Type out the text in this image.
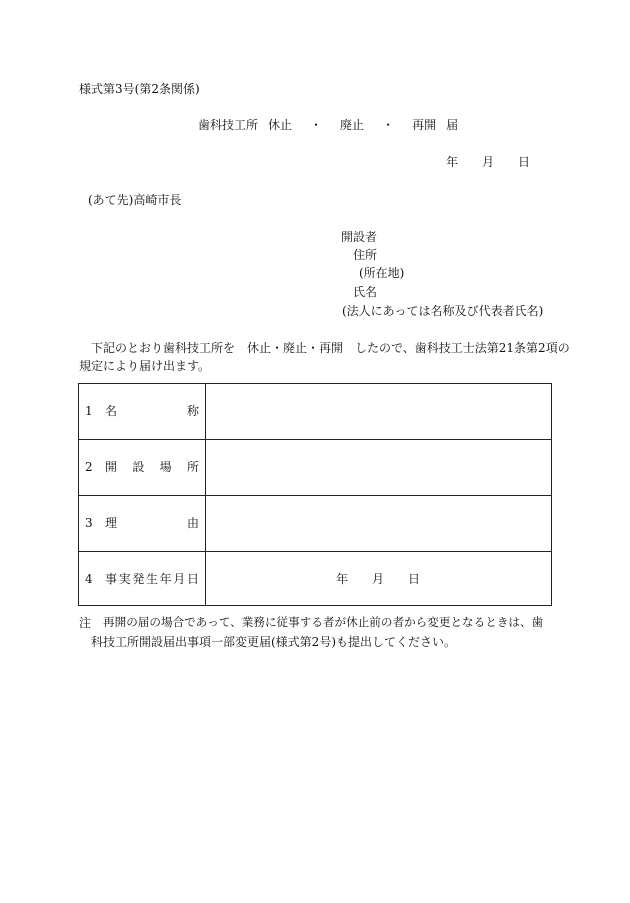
様式第3号(第2条関係)
歯科技工所 休止 ・ 廃止 ・ 再開 届
年 月 日
(あて先)高崎市長
開設者
住所
(所在地)
氏名
(法人にあっては名称及び代表者氏名)
下記のとおり歯科技工所を 休止・廃止・再開 したので、歯科技工士法第21条第2項の
規定により届け出ます。
1 名	称
2 開 設 場 所
3 理	由
4 事 実 発 生 年 月 日	年 月 日
注 再開の届の場合であって、業務に従事する者が休止前の者から変更となるときは、歯
科技工所開設届出事項一部変更届(様式第2号)も提出してください。
